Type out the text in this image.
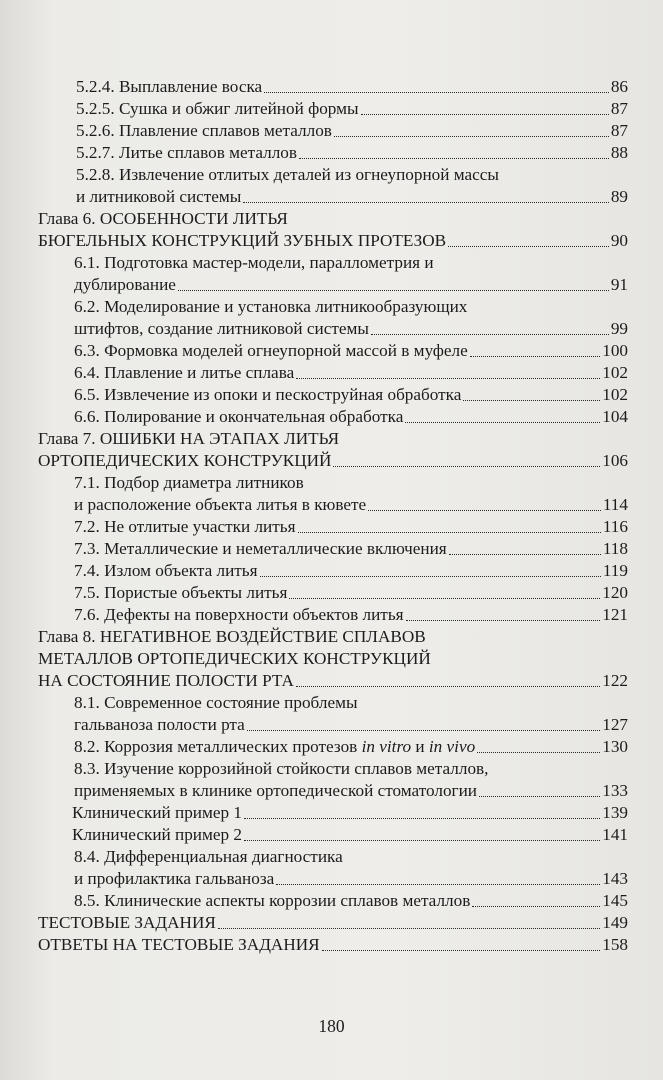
5.2.4. Выплавление воска	86
5.2.5. Сушка и обжиг литейной формы	87
5.2.6. Плавление сплавов металлов	87
5.2.7. Литье сплавов металлов	88
5.2.8. Извлечение отлитых деталей из огнеупорной массы
и литниковой системы	89
Глава 6. ОСОБЕННОСТИ ЛИТЬЯ
БЮГЕЛЬНЫХ КОНСТРУКЦИЙ ЗУБНЫХ ПРОТЕЗОВ	90
6.1. Подготовка мастер-модели, параллометрия и
дублирование	91
6.2. Моделирование и установка литникообразующих
штифтов, создание литниковой системы	99
6.3. Формовка моделей огнеупорной массой в муфеле	100
6.4. Плавление и литье сплава	102
6.5. Извлечение из опоки и пескоструйная обработка	102
6.6. Полирование и окончательная обработка	104
Глава 7. ОШИБКИ НА ЭТАПАХ ЛИТЬЯ
ОРТОПЕДИЧЕСКИХ КОНСТРУКЦИЙ	106
7.1. Подбор диаметра литников
и расположение объекта литья в кювете	114
7.2. Не отлитые участки литья	116
7.3. Металлические и неметаллические включения	118
7.4. Излом объекта литья	119
7.5. Пористые объекты литья	120
7.6. Дефекты на поверхности объектов литья	121
Глава 8. НЕГАТИВНОЕ ВОЗДЕЙСТВИЕ СПЛАВОВ
МЕТАЛЛОВ ОРТОПЕДИЧЕСКИХ КОНСТРУКЦИЙ
НА СОСТОЯНИЕ ПОЛОСТИ РТА	122
8.1. Современное состояние проблемы
гальваноза полости рта	127
8.2. Коррозия металлических протезов in vitro и in vivo	130
8.3. Изучение коррозийной стойкости сплавов металлов,
применяемых в клинике ортопедической стоматологии	133
Клинический пример 1	139
Клинический пример 2	141
8.4. Дифференциальная диагностика
и профилактика гальваноза	143
8.5. Клинические аспекты коррозии сплавов металлов	145
ТЕСТОВЫЕ ЗАДАНИЯ	149
ОТВЕТЫ НА ТЕСТОВЫЕ ЗАДАНИЯ	158
180
